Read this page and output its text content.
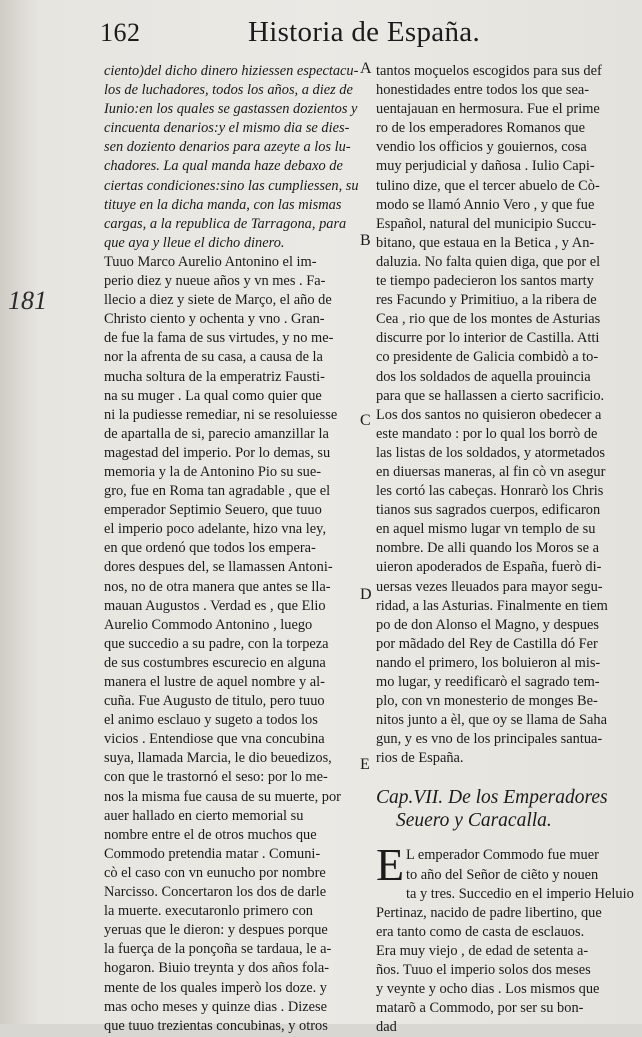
162	Historia de España.
181
A
B
C
D
E
ciento)del dicho dinero hiziessen espectacu-
los de luchadores, todos los años, a diez de
Iunio:en los quales se gastassen dozientos y
cincuenta denarios:y el mismo dia se dies-
sen doziento denarios para azeyte a los lu-
chadores. La qual manda haze debaxo de
ciertas condiciones:sino las cumpliessen, su
tituye en la dicha manda, con las mismas
cargas, a la republica de Tarragona, para
que aya y lleue el dicho dinero.
Tuuo Marco Aurelio Antonino el im-
perio diez y nueue años y vn mes . Fa-
llecio a diez y siete de Março, el año de
Christo ciento y ochenta y vno . Gran-
de fue la fama de sus virtudes, y no me-
nor la afrenta de su casa, a causa de la
mucha soltura de la emperatriz Fausti-
na su muger . La qual como quier que
ni la pudiesse remediar, ni se resoluiesse
de apartalla de si, parecio amanzillar la
magestad del imperio. Por lo demas, su
memoria y la de Antonino Pio su sue-
gro, fue en Roma tan agradable , que el
emperador Septimio Seuero, que tuuo
el imperio poco adelante, hizo vna ley,
en que ordenó que todos los empera-
dores despues del, se llamassen Antoni-
nos, no de otra manera que antes se lla-
mauan Augustos . Verdad es , que Elio
Aurelio Commodo Antonino , luego
que succedio a su padre, con la torpeza
de sus costumbres escurecio en alguna
manera el lustre de aquel nombre y al-
cuña. Fue Augusto de titulo, pero tuuo
el animo esclauo y sugeto a todos los
vicios . Entendiose que vna concubina
suya, llamada Marcia, le dio beuedizos,
con que le trastornó el seso: por lo me-
nos la misma fue causa de su muerte, por
auer hallado en cierto memorial su
nombre entre el de otros muchos que
Commodo pretendia matar . Comuni-
cò el caso con vn eunucho por nombre
Narcisso. Concertaron los dos de darle
la muerte. executaronlo primero con
yeruas que le dieron: y despues porque
la fuerça de la ponçoña se tardaua, le a-
hogaron. Biuio treynta y dos años fola-
mente de los quales imperò los doze. y
mas ocho meses y quinze dias . Dizese
que tuuo trezientas concubinas, y otros
tantos moçuelos escogidos para sus def
honestidades entre todos los que sea-
uentajauan en hermosura. Fue el prime
ro de los emperadores Romanos que
vendio los officios y gouiernos, cosa
muy perjudicial y dañosa . Iulio Capi-
tulino dize, que el tercer abuelo de Cò-
modo se llamó Annio Vero , y que fue
Español, natural del municipio Succu-
bitano, que estaua en la Betica , y An-
daluzia. No falta quien diga, que por el
te tiempo padecieron los santos marty
res Facundo y Primitiuo, a la ribera de
Cea , rio que de los montes de Asturias
discurre por lo interior de Castilla. Atti
co presidente de Galicia combidò a to-
dos los soldados de aquella prouincia
para que se hallassen a cierto sacrificio.
Los dos santos no quisieron obedecer a
este mandato : por lo qual los borrò de
las listas de los soldados, y atormetados
en diuersas maneras, al fin cò vn asegur
les cortó las cabeças. Honrarò los Chris
tianos sus sagrados cuerpos, edificaron
en aquel mismo lugar vn templo de su
nombre. De alli quando los Moros se a
uieron apoderados de España, fuerò di-
uersas vezes lleuados para mayor segu-
ridad, a las Asturias. Finalmente en tiem
po de don Alonso el Magno, y despues
por mãdado del Rey de Castilla dó Fer
nando el primero, los boluieron al mis-
mo lugar, y reedificarò el sagrado tem-
plo, con vn monesterio de monges Be-
nitos junto a èl, que oy se llama de Saha
gun, y es vno de los principales santua-
rios de España.
Cap.VII. De los Emperadores
Seuero y Caracalla.
E L emperador Commodo fue muer
to año del Señor de ciẽto y nouen
ta y tres. Succedio en el imperio Heluio
Pertinaz, nacido de padre libertino, que
era tanto como de casta de esclauos.
Era muy viejo , de edad de setenta a-
ños. Tuuo el imperio solos dos meses
y veynte y ocho dias . Los mismos que
matarõ a Commodo, por ser su bon-
dad
